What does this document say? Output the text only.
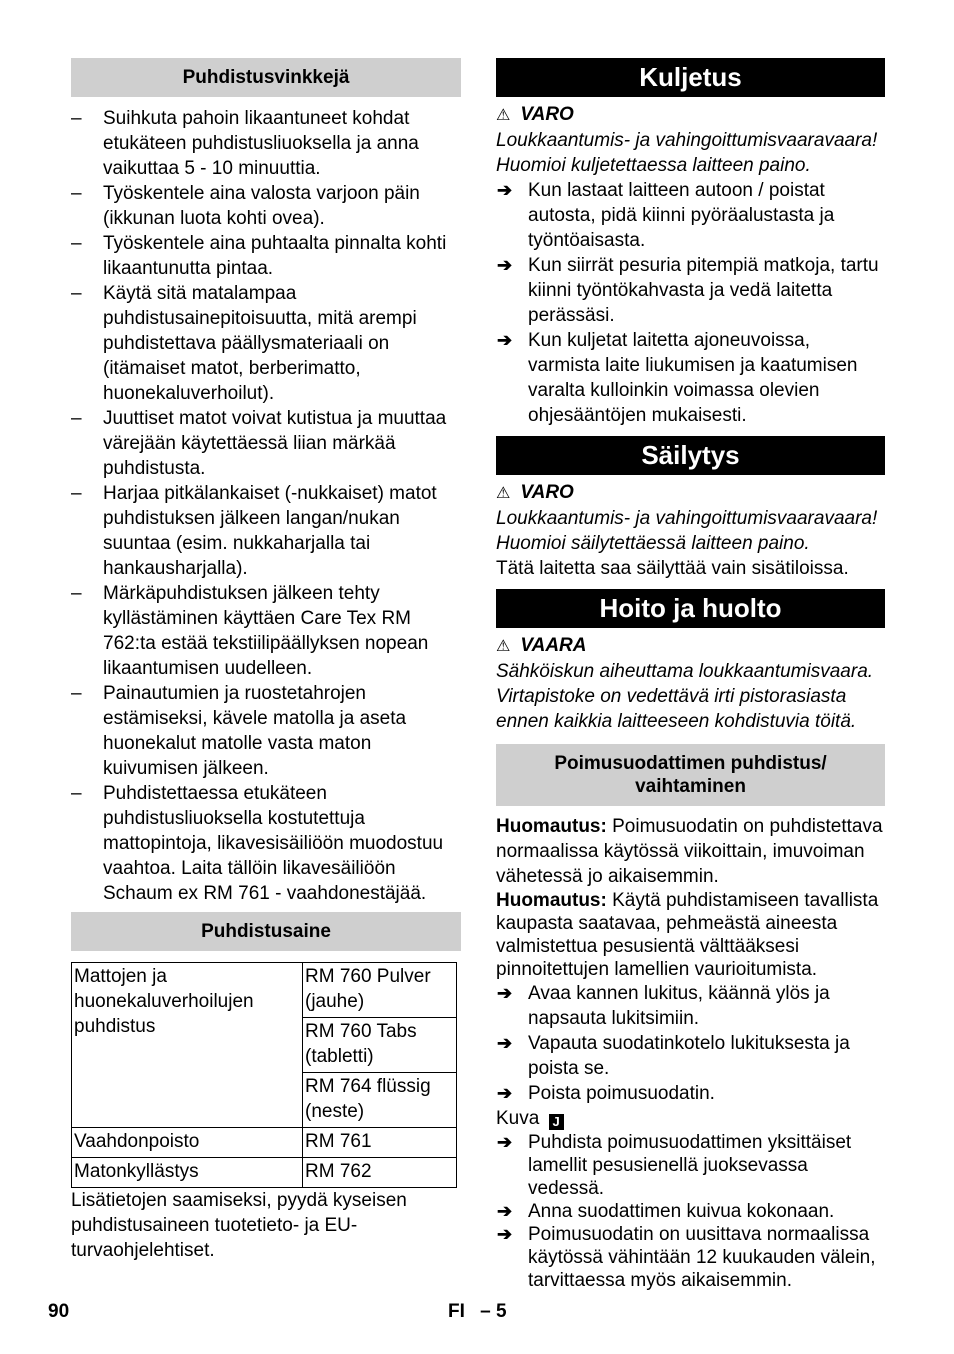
Puhdistusvinkkejä
– Suihkuta pahoin likaantuneet kohdat etukäteen puhdistusliuoksella ja anna vaikuttaa 5 - 10 minuuttia.
– Työskentele aina valosta varjoon päin (ikkunan luota kohti ovea).
– Työskentele aina puhtaalta pinnalta kohti likaantunutta pintaa.
– Käytä sitä matalampaa puhdistusainepitoisuutta, mitä arempi puhdistettava päällysmateriaali on (itämaiset matot, berberimatto, huonekaluverhoilut).
– Juuttiset matot voivat kutistua ja muuttaa värejään käytettäessä liian märkää puhdistusta.
– Harjaa pitkälankaiset (-nukkaiset) matot puhdistuksen jälkeen langan/nukan suuntaa (esim. nukkaharjalla tai hankausharjalla).
– Märkäpuhdistuksen jälkeen tehty kyllästäminen käyttäen Care Tex RM 762:ta estää tekstiilipäällyksen nopean likaantumisen uudelleen.
– Painautumien ja ruostetahrojen estämiseksi, kävele matolla ja aseta huonekalut matolle vasta maton kuivumisen jälkeen.
– Puhdistettaessa etukäteen puhdistusliuoksella kostutettuja mattopintoja, likavesisäiliöön muodostuu vaahtoa. Laita tällöin likavesäiliöön Schaum ex RM 761 - vaahdonestäjää.
Puhdistusaine
Mattojen ja huonekaluverhoilujen puhdistus	RM 760 Pulver (jauhe)
	RM 760 Tabs (tabletti)
	RM 764 flüssig (neste)
Vaahdonpoisto	RM 761
Matonkyllästys	RM 762
Lisätietojen saamiseksi, pyydä kyseisen puhdistusaineen tuotetieto- ja EU-turvaohjelehtiset.
Kuljetus
⚠ VARO
Loukkaantumis- ja vahingoittumisvaaravaara! Huomioi kuljetettaessa laitteen paino.
➔ Kun lastaat laitteen autoon / poistat autosta, pidä kiinni pyöräalustasta ja työntöaisasta.
➔ Kun siirrät pesuria pitempiä matkoja, tartu kiinni työntökahvasta ja vedä laitetta perässäsi.
➔ Kun kuljetat laitetta ajoneuvoissa, varmista laite liukumisen ja kaatumisen varalta kulloinkin voimassa olevien ohjesääntöjen mukaisesti.
Säilytys
⚠ VARO
Loukkaantumis- ja vahingoittumisvaaravaara! Huomioi säilytettäessä laitteen paino.
Tätä laitetta saa säilyttää vain sisätiloissa.
Hoito ja huolto
⚠ VAARA
Sähköiskun aiheuttama loukkaantumisvaara. Virtapistoke on vedettävä irti pistorasiasta ennen kaikkia laitteeseen kohdistuvia töitä.
Poimusuodattimen puhdistus/ vaihtaminen
Huomautus: Poimusuodatin on puhdistettava normaalissa käytössä viikoittain, imuvoiman vähetessä jo aikaisemmin.
Huomautus: Käytä puhdistamiseen tavallista kaupasta saatavaa, pehmeästä aineesta valmistettua pesusientä välttääksesi pinnoitettujen lamellien vaurioitumista.
➔ Avaa kannen lukitus, käännä ylös ja napsauta lukitsimiin.
➔ Vapauta suodatinkotelo lukituksesta ja poista se.
➔ Poista poimusuodatin.
Kuva J
➔ Puhdista poimusuodattimen yksittäiset lamellit pesusienellä juoksevassa vedessä.
➔ Anna suodattimen kuivua kokonaan.
➔ Poimusuodatin on uusittava normaalissa käytössä vähintään 12 kuukauden välein, tarvittaessa myös aikaisemmin.
90	FI – 5
